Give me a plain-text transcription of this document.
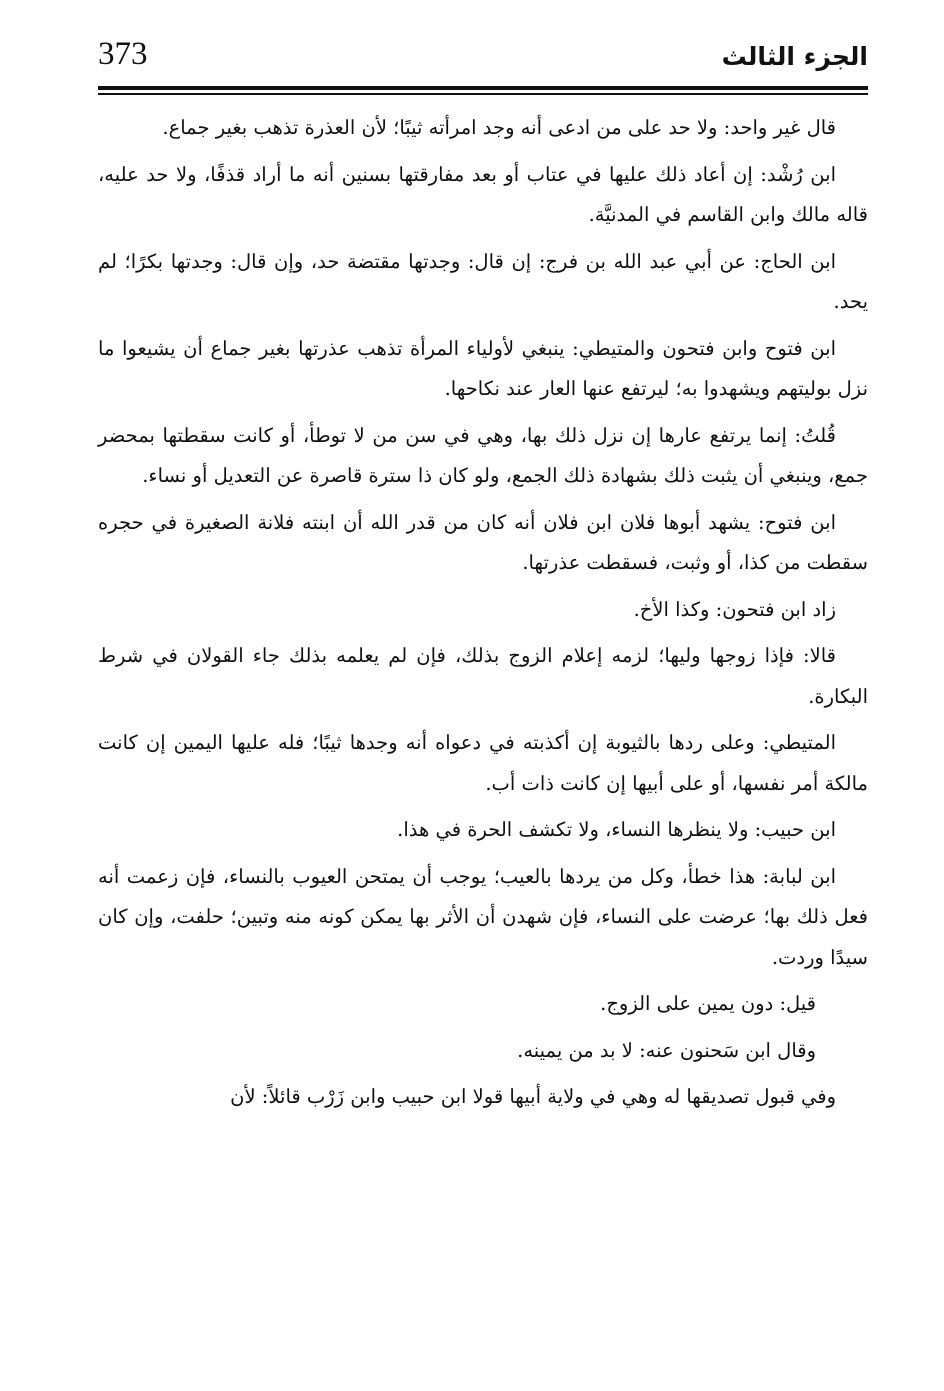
373	الجزء الثالث

قال غير واحد: ولا حد على من ادعى أنه وجد امرأته ثيبًا؛ لأن العذرة تذهب بغير جماع.

ابن رُشْد: إن أعاد ذلك عليها في عتاب أو بعد مفارقتها بسنين أنه ما أراد قذفًا، ولا حد عليه، قاله مالك وابن القاسم في المدنيَّة.

ابن الحاج: عن أبي عبد الله بن فرج: إن قال: وجدتها مقتضة حد، وإن قال: وجدتها بكرًا؛ لم يحد.

ابن فتوح وابن فتحون والمتيطي: ينبغي لأولياء المرأة تذهب عذرتها بغير جماع أن يشيعوا ما نزل بوليتهم ويشهدوا به؛ ليرتفع عنها العار عند نكاحها.

قُلتُ: إنما يرتفع عارها إن نزل ذلك بها، وهي في سن من لا توطأ، أو كانت سقطتها بمحضر جمع، وينبغي أن يثبت ذلك بشهادة ذلك الجمع، ولو كان ذا سترة قاصرة عن التعديل أو نساء.

ابن فتوح: يشهد أبوها فلان ابن فلان أنه كان من قدر الله أن ابنته فلانة الصغيرة في حجره سقطت من كذا، أو وثبت، فسقطت عذرتها.

زاد ابن فتحون: وكذا الأخ.

قالا: فإذا زوجها وليها؛ لزمه إعلام الزوج بذلك، فإن لم يعلمه بذلك جاء القولان في شرط البكارة.

المتيطي: وعلى ردها بالثيوبة إن أكذبته في دعواه أنه وجدها ثيبًا؛ فله عليها اليمين إن كانت مالكة أمر نفسها، أو على أبيها إن كانت ذات أب.

ابن حبيب: ولا ينظرها النساء، ولا تكشف الحرة في هذا.

ابن لبابة: هذا خطأ، وكل من يردها بالعيب؛ يوجب أن يمتحن العيوب بالنساء، فإن زعمت أنه فعل ذلك بها؛ عرضت على النساء، فإن شهدن أن الأثر بها يمكن كونه منه وتبين؛ حلفت، وإن كان سيدًا وردت.

قيل: دون يمين على الزوج.

وقال ابن سَحنون عنه: لا بد من يمينه.

وفي قبول تصديقها له وهي في ولاية أبيها قولا ابن حبيب وابن زَرْب قائلاً: لأن
